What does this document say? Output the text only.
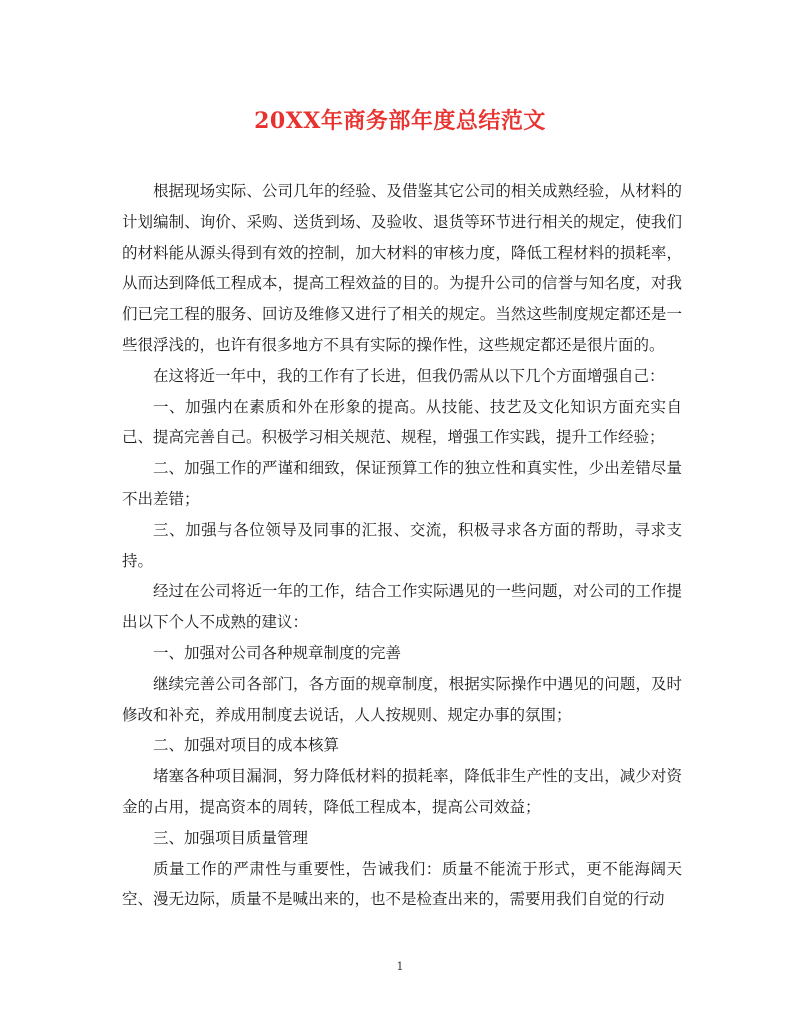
20XX年商务部年度总结范文

根据现场实际、公司几年的经验、及借鉴其它公司的相关成熟经验，从材料的计划编制、询价、采购、送货到场、及验收、退货等环节进行相关的规定，使我们的材料能从源头得到有效的控制，加大材料的审核力度，降低工程材料的损耗率，从而达到降低工程成本，提高工程效益的目的。为提升公司的信誉与知名度，对我们已完工程的服务、回访及维修又进行了相关的规定。当然这些制度规定都还是一些很浮浅的，也许有很多地方不具有实际的操作性，这些规定都还是很片面的。

在这将近一年中，我的工作有了长进，但我仍需从以下几个方面增强自己：

一、加强内在素质和外在形象的提高。从技能、技艺及文化知识方面充实自己、提高完善自己。积极学习相关规范、规程，增强工作实践，提升工作经验；

二、加强工作的严谨和细致，保证预算工作的独立性和真实性，少出差错尽量不出差错；

三、加强与各位领导及同事的汇报、交流，积极寻求各方面的帮助，寻求支持。

经过在公司将近一年的工作，结合工作实际遇见的一些问题，对公司的工作提出以下个人不成熟的建议：

一、加强对公司各种规章制度的完善

继续完善公司各部门，各方面的规章制度，根据实际操作中遇见的问题，及时修改和补充，养成用制度去说话，人人按规则、规定办事的氛围；

二、加强对项目的成本核算

堵塞各种项目漏洞，努力降低材料的损耗率，降低非生产性的支出，减少对资金的占用，提高资本的周转，降低工程成本，提高公司效益；

三、加强项目质量管理

质量工作的严肃性与重要性，告诫我们：质量不能流于形式，更不能海阔天空、漫无边际，质量不是喊出来的，也不是检查出来的，需要用我们自觉的行动

1
